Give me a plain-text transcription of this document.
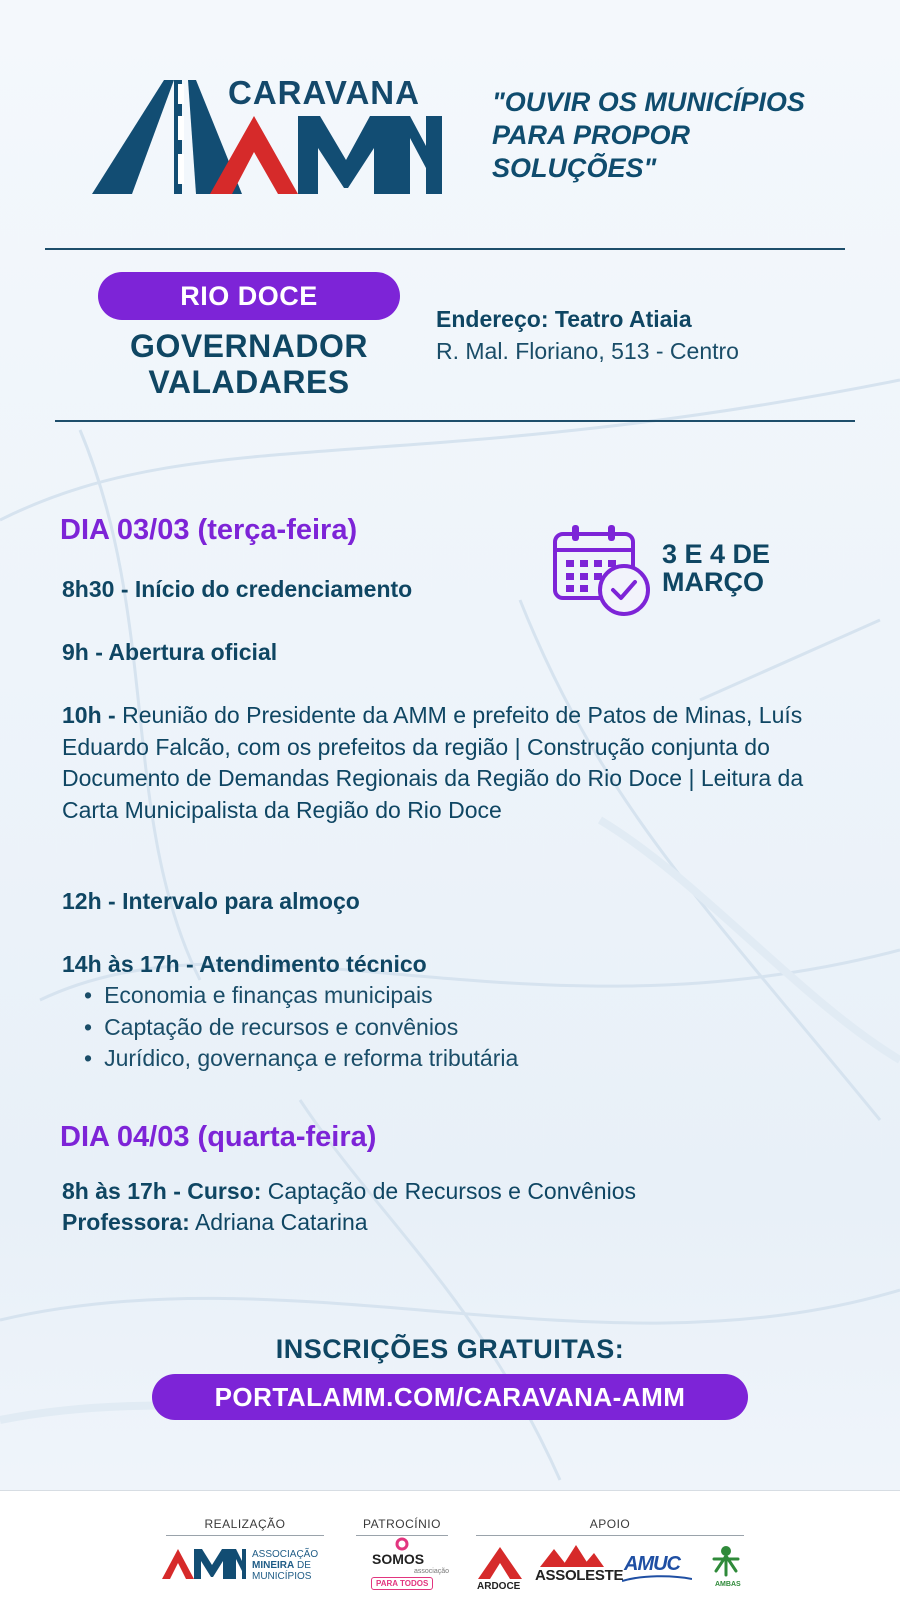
CARAVANA	"OUVIR OS MUNICÍPIOS PARA PROPOR SOLUÇÕES"
RIO DOCE
GOVERNADOR
VALADARES
Endereço: Teatro Atiaia
R. Mal. Floriano, 513 - Centro
DIA 03/03 (terça-feira)
3 E 4 DE
MARÇO
8h30 - Início do credenciamento
9h - Abertura oficial
10h - Reunião do Presidente da AMM e prefeito de Patos de Minas, Luís Eduardo Falcão, com os prefeitos da região | Construção conjunta do Documento de Demandas Regionais da Região do Rio Doce | Leitura da Carta Municipalista da Região do Rio Doce
12h - Intervalo para almoço
14h às 17h - Atendimento técnico
• Economia e finanças municipais
• Captação de recursos e convênios
• Jurídico, governança e reforma tributária
DIA 04/03 (quarta-feira)
8h às 17h - Curso: Captação de Recursos e Convênios
Professora: Adriana Catarina
INSCRIÇÕES GRATUITAS:
PORTALAMM.COM/CARAVANA-AMM
REALIZAÇÃO
ASSOCIAÇÃO
MINEIRA DE
MUNICÍPIOS
PATROCÍNIO
SOMOS
associação
PARA TODOS
APOIO
ARDOCE
ASSOLESTE
AMUC
AMBAS
